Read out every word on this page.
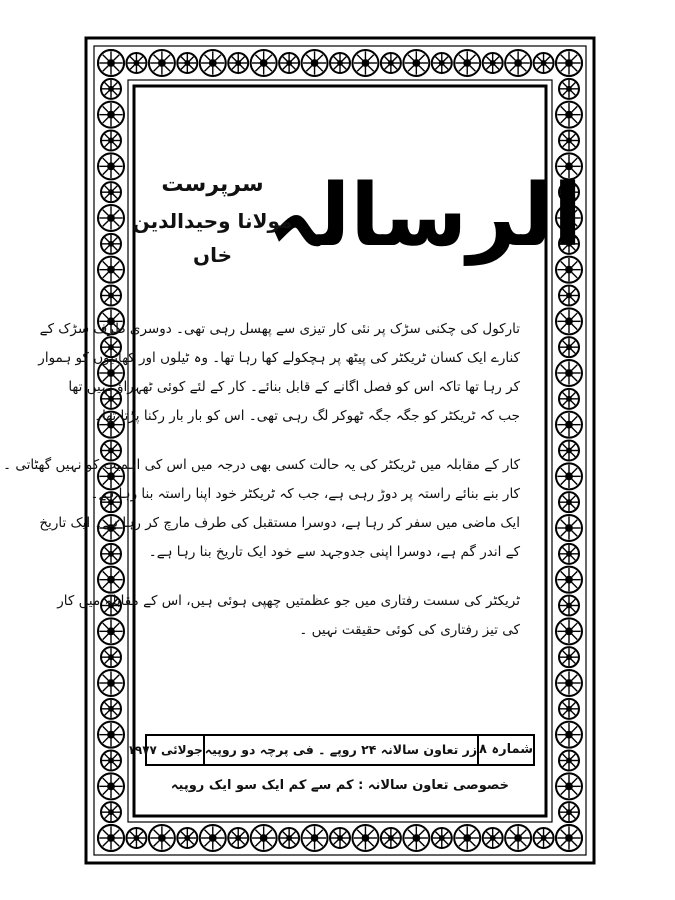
الرسالہ
سرپرست
مولانا وحیدالدین خاں

تارکول کی چکنی سڑک پر نئی کار تیزی سے پھسل رہی تھی۔ دوسری طرف سڑک کے

کنارے ایک کسان ٹریکٹر کی پیٹھ پر ہچکولے کھا رہا تھا۔ وہ ٹیلوں اور کھائیوں کو ہموار

کر رہا تھا تاکہ اس کو فصل اگانے کے قابل بنائے۔ کار کے لئے کوئی ٹھہراؤ نہیں تھا

جب کہ ٹریکٹر کو جگہ جگہ ٹھوکر لگ رہی تھی۔ اس کو بار بار رکنا پڑتا تھا۔

کار کے مقابلہ میں ٹریکٹر کی یہ حالت کسی بھی درجہ میں اس کی اہمیت کو نہیں گھٹاتی ۔

کار بنے بنائے راستہ پر دوڑ رہی ہے، جب کہ ٹریکٹر خود اپنا راستہ بنا رہا ہے۔

ایک ماضی میں سفر کر رہا ہے، دوسرا مستقبل کی طرف مارچ کر رہا ہے۔ ایک تاریخ

کے اندر گم ہے، دوسرا اپنی جدوجہد سے خود ایک تاریخ بنا رہا ہے۔

ٹریکٹر کی سست رفتاری میں جو عظمتیں چھپی ہوئی ہیں، اس کے مقابلہ میں کار

کی تیز رفتاری کی کوئی حقیقت نہیں ۔

شمارہ ۸
زر تعاون سالانہ ۲۴ روپے ۔ فی پرچہ دو روپیہ
جولائی ۱۹۷۷
خصوصی تعاون سالانہ : کم سے کم ایک سو ایک روپیہ
